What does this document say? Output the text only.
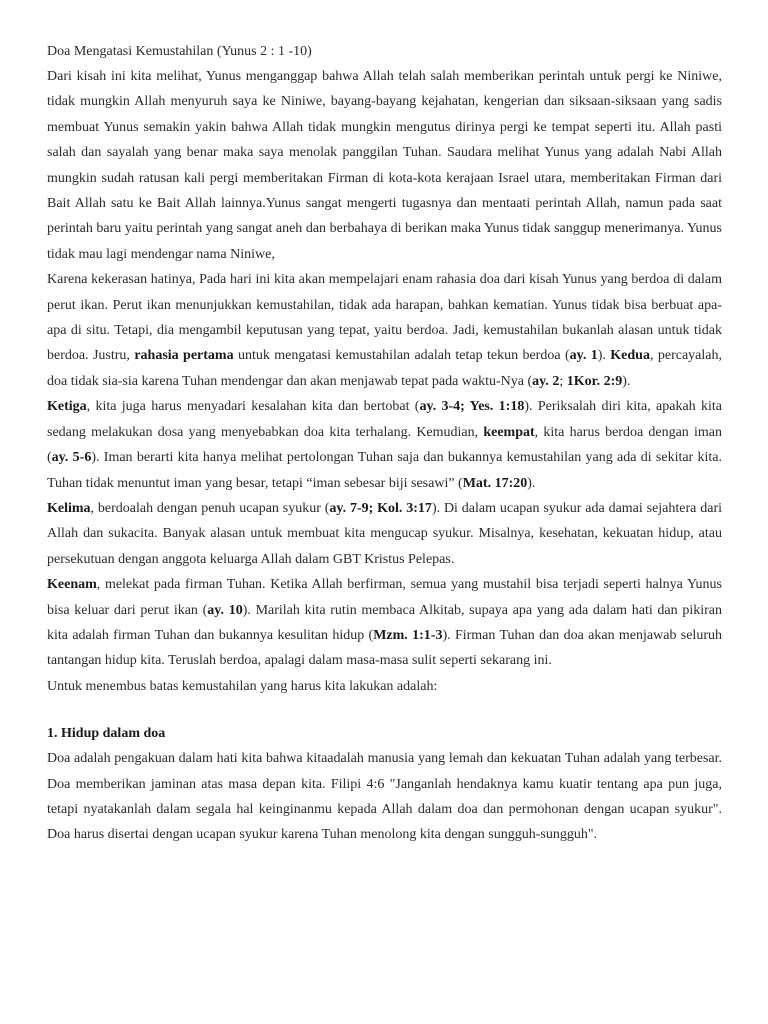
Doa Mengatasi Kemustahilan (Yunus 2 : 1 -10)

Dari kisah ini kita melihat, Yunus menganggap bahwa Allah telah salah memberikan perintah untuk pergi ke Niniwe, tidak mungkin Allah menyuruh saya ke Niniwe, bayang-bayang kejahatan, kengerian dan siksaan-siksaan yang sadis membuat Yunus semakin yakin bahwa Allah tidak mungkin mengutus dirinya pergi ke tempat seperti itu. Allah pasti salah dan sayalah yang benar maka saya menolak panggilan Tuhan. Saudara melihat Yunus yang adalah Nabi Allah mungkin sudah ratusan kali pergi memberitakan Firman di kota-kota kerajaan Israel utara, memberitakan Firman dari Bait Allah satu ke Bait Allah lainnya.Yunus sangat mengerti tugasnya dan mentaati perintah Allah, namun pada saat perintah baru yaitu perintah yang sangat aneh dan berbahaya di berikan maka Yunus tidak sanggup menerimanya. Yunus tidak mau lagi mendengar nama Niniwe,

Karena kekerasan hatinya, Pada hari ini kita akan mempelajari enam rahasia doa dari kisah Yunus yang berdoa di dalam perut ikan. Perut ikan menunjukkan kemustahilan, tidak ada harapan, bahkan kematian. Yunus tidak bisa berbuat apa-apa di situ. Tetapi, dia mengambil keputusan yang tepat, yaitu berdoa. Jadi, kemustahilan bukanlah alasan untuk tidak berdoa. Justru, rahasia pertama untuk mengatasi kemustahilan adalah tetap tekun berdoa (ay. 1). Kedua, percayalah, doa tidak sia-sia karena Tuhan mendengar dan akan menjawab tepat pada waktu-Nya (ay. 2; 1Kor. 2:9).

Ketiga, kita juga harus menyadari kesalahan kita dan bertobat (ay. 3-4; Yes. 1:18). Periksalah diri kita, apakah kita sedang melakukan dosa yang menyebabkan doa kita terhalang. Kemudian, keempat, kita harus berdoa dengan iman (ay. 5-6). Iman berarti kita hanya melihat pertolongan Tuhan saja dan bukannya kemustahilan yang ada di sekitar kita. Tuhan tidak menuntut iman yang besar, tetapi “iman sebesar biji sesawi” (Mat. 17:20).

Kelima, berdoalah dengan penuh ucapan syukur (ay. 7-9; Kol. 3:17). Di dalam ucapan syukur ada damai sejahtera dari Allah dan sukacita. Banyak alasan untuk membuat kita mengucap syukur. Misalnya, kesehatan, kekuatan hidup, atau persekutuan dengan anggota keluarga Allah dalam GBT Kristus Pelepas.

Keenam, melekat pada firman Tuhan. Ketika Allah berfirman, semua yang mustahil bisa terjadi seperti halnya Yunus bisa keluar dari perut ikan (ay. 10). Marilah kita rutin membaca Alkitab, supaya apa yang ada dalam hati dan pikiran kita adalah firman Tuhan dan bukannya kesulitan hidup (Mzm. 1:1-3). Firman Tuhan dan doa akan menjawab seluruh tantangan hidup kita. Teruslah berdoa, apalagi dalam masa-masa sulit seperti sekarang ini.

Untuk menembus batas kemustahilan yang harus kita lakukan adalah:

1. Hidup dalam doa

Doa adalah pengakuan dalam hati kita bahwa kitaadalah manusia yang lemah dan kekuatan Tuhan adalah yang terbesar. Doa memberikan jaminan atas masa depan kita. Filipi 4:6 "Janganlah hendaknya kamu kuatir tentang apa pun juga, tetapi nyatakanlah dalam segala hal keinginanmu kepada Allah dalam doa dan permohonan dengan ucapan syukur". Doa harus disertai dengan ucapan syukur karena Tuhan menolong kita dengan sungguh-sungguh".
